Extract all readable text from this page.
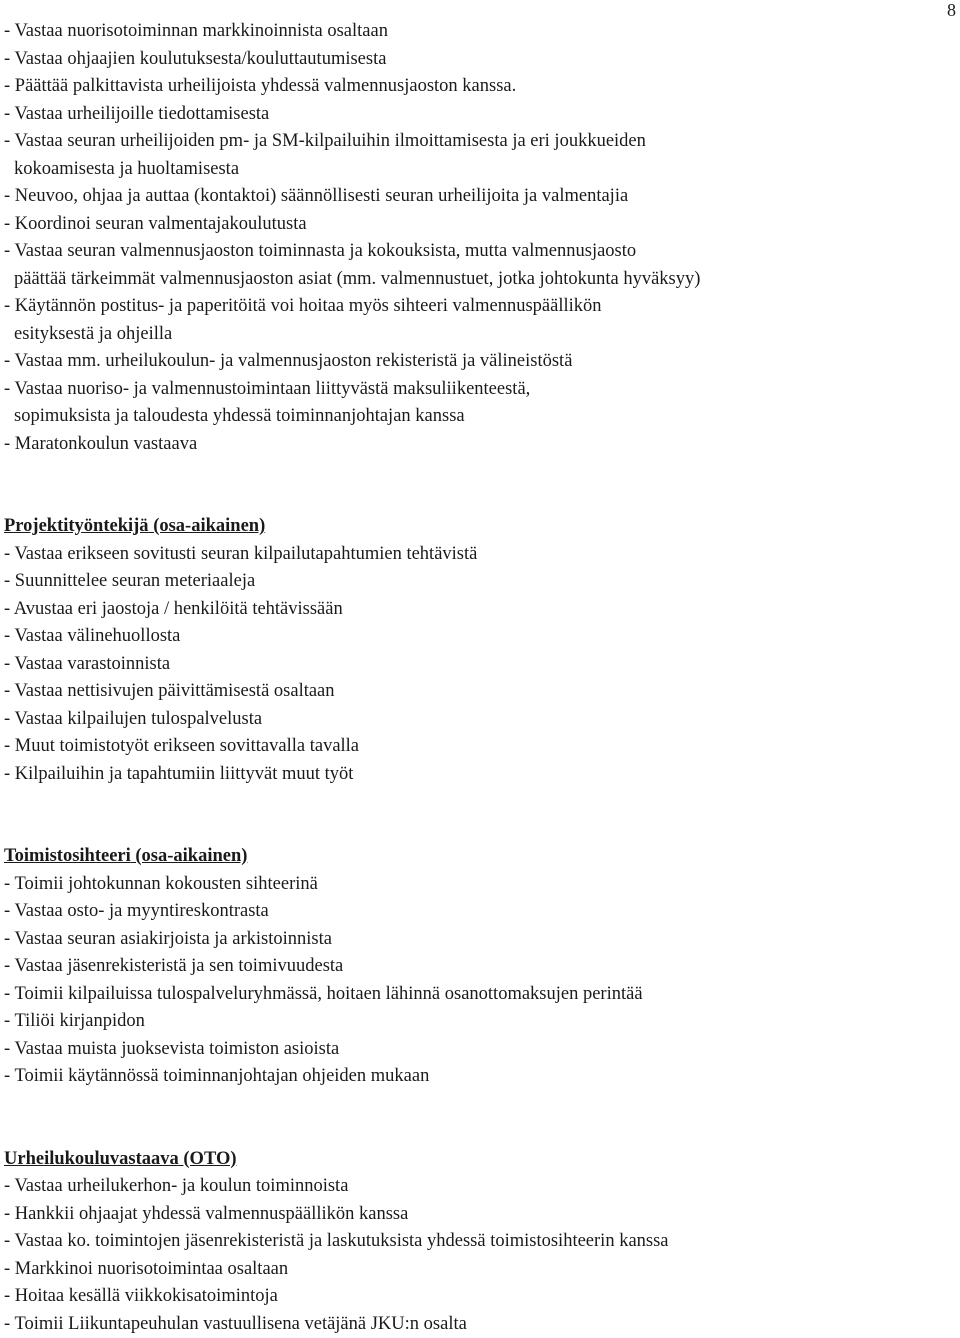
8
- Vastaa nuorisotoiminnan markkinoinnista osaltaan
- Vastaa ohjaajien koulutuksesta/kouluttautumisesta
- Päättää palkittavista urheilijoista yhdessä valmennusjaoston kanssa.
- Vastaa urheilijoille tiedottamisesta
- Vastaa seuran urheilijoiden pm- ja SM-kilpailuihin ilmoittamisesta ja eri joukkueiden
kokoamisesta ja huoltamisesta
- Neuvoo, ohjaa ja auttaa (kontaktoi) säännöllisesti seuran urheilijoita ja valmentajia
- Koordinoi seuran valmentajakoulutusta
- Vastaa seuran valmennusjaoston toiminnasta ja kokouksista, mutta valmennusjaosto
päättää tärkeimmät valmennusjaoston asiat (mm. valmennustuet, jotka johtokunta hyväksyy)
- Käytännön postitus- ja paperitöitä voi hoitaa myös sihteeri valmennuspäällikön
esityksestä ja ohjeilla
- Vastaa mm. urheilukoulun- ja valmennusjaoston rekisteristä ja välineistöstä
- Vastaa nuoriso- ja valmennustoimintaan liittyvästä maksuliikenteestä,
sopimuksista ja taloudesta yhdessä toiminnanjohtajan kanssa
- Maratonkoulun vastaava
Projektityöntekijä (osa-aikainen)
- Vastaa erikseen sovitusti seuran kilpailutapahtumien tehtävistä
- Suunnittelee seuran meteriaaleja
- Avustaa eri jaostoja / henkilöitä tehtävissään
- Vastaa välinehuollosta
- Vastaa varastoinnista
- Vastaa nettisivujen päivittämisestä osaltaan
- Vastaa kilpailujen tulospalvelusta
- Muut toimistotyöt erikseen sovittavalla tavalla
- Kilpailuihin ja tapahtumiin liittyvät muut työt
Toimistosihteeri (osa-aikainen)
- Toimii johtokunnan kokousten sihteerinä
- Vastaa osto- ja myyntireskontrasta
- Vastaa seuran asiakirjoista ja arkistoinnista
- Vastaa jäsenrekisteristä ja sen toimivuudesta
- Toimii kilpailuissa tulospalveluryhmässä, hoitaen lähinnä osanottomaksujen perintää
- Tiliöi kirjanpidon
- Vastaa muista juoksevista toimiston asioista
- Toimii käytännössä toiminnanjohtajan ohjeiden mukaan
Urheilukouluvastaava (OTO)
- Vastaa urheilukerhon- ja koulun toiminnoista
- Hankkii ohjaajat yhdessä valmennuspäällikön kanssa
- Vastaa ko. toimintojen jäsenrekisteristä ja laskutuksista yhdessä toimistosihteerin kanssa
- Markkinoi nuorisotoimintaa osaltaan
- Hoitaa kesällä viikkokisatoimintoja
- Toimii Liikuntapeuhulan vastuullisena vetäjänä JKU:n osalta
